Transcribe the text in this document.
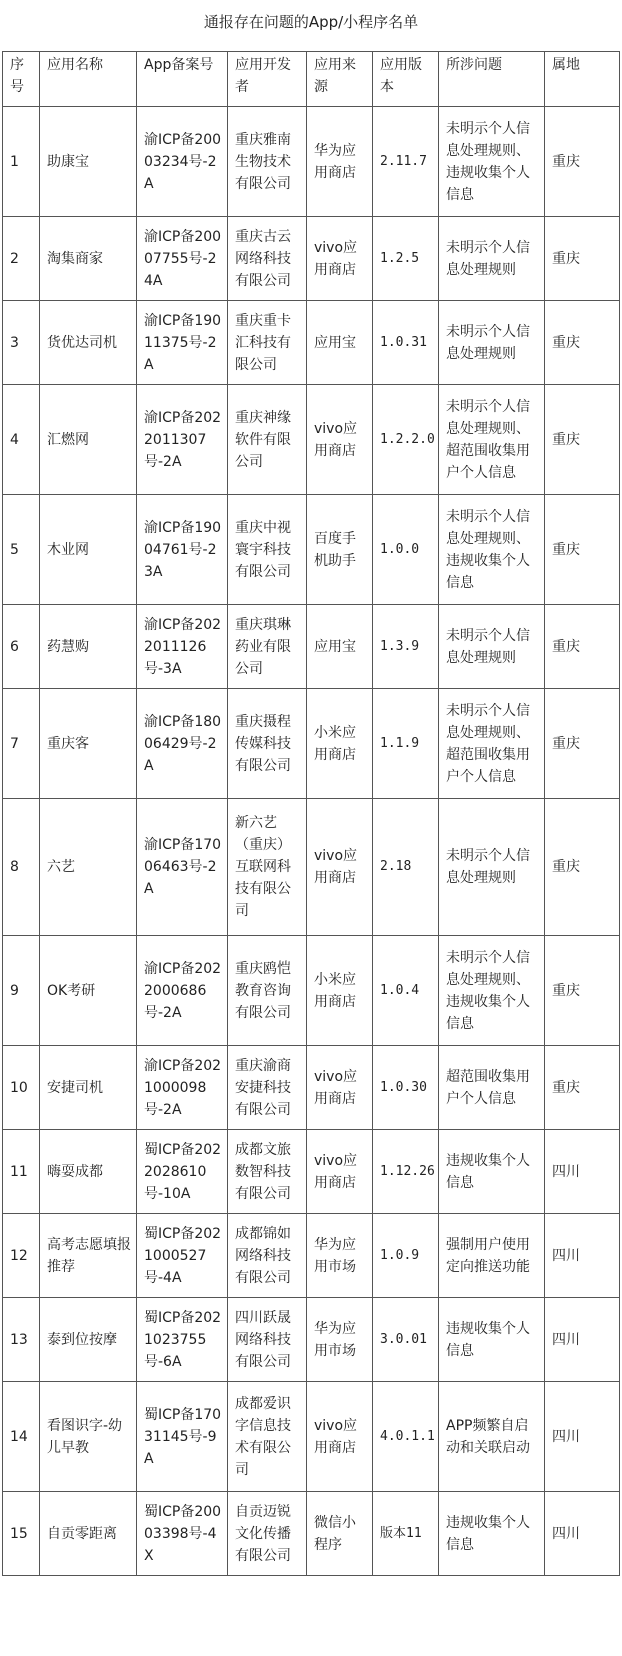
通报存在问题的App/小程序名单
序号	应用名称	App备案号	应用开发者	应用来源	应用版本	所涉问题	属地
1	助康宝	渝ICP备20003234号-2A	重庆雅南生物技术有限公司	华为应用商店	2.11.7	未明示个人信息处理规则、违规收集个人信息	重庆
2	淘集商家	渝ICP备20007755号-24A	重庆古云网络科技有限公司	vivo应用商店	1.2.5	未明示个人信息处理规则	重庆
3	货优达司机	渝ICP备19011375号-2A	重庆重卡汇科技有限公司	应用宝	1.0.31	未明示个人信息处理规则	重庆
4	汇燃网	渝ICP备2022011307号-2A	重庆神缘软件有限公司	vivo应用商店	1.2.2.0	未明示个人信息处理规则、超范围收集用户个人信息	重庆
5	木业网	渝ICP备19004761号-23A	重庆中视寰宇科技有限公司	百度手机助手	1.0.0	未明示个人信息处理规则、违规收集个人信息	重庆
6	药慧购	渝ICP备2022011126号-3A	重庆琪琳药业有限公司	应用宝	1.3.9	未明示个人信息处理规则	重庆
7	重庆客	渝ICP备18006429号-2A	重庆摄程传媒科技有限公司	小米应用商店	1.1.9	未明示个人信息处理规则、超范围收集用户个人信息	重庆
8	六艺	渝ICP备17006463号-2A	新六艺（重庆）互联网科技有限公司	vivo应用商店	2.18	未明示个人信息处理规则	重庆
9	OK考研	渝ICP备2022000686号-2A	重庆鸥恺教育咨询有限公司	小米应用商店	1.0.4	未明示个人信息处理规则、违规收集个人信息	重庆
10	安捷司机	渝ICP备2021000098号-2A	重庆渝商安捷科技有限公司	vivo应用商店	1.0.30	超范围收集用户个人信息	重庆
11	嗨耍成都	蜀ICP备2022028610号-10A	成都文旅数智科技有限公司	vivo应用商店	1.12.26	违规收集个人信息	四川
12	高考志愿填报推荐	蜀ICP备2021000527号-4A	成都锦如网络科技有限公司	华为应用市场	1.0.9	强制用户使用定向推送功能	四川
13	泰到位按摩	蜀ICP备2021023755号-6A	四川跃晟网络科技有限公司	华为应用市场	3.0.01	违规收集个人信息	四川
14	看图识字-幼儿早教	蜀ICP备17031145号-9A	成都爱识字信息技术有限公司	vivo应用商店	4.0.1.1	APP频繁自启动和关联启动	四川
15	自贡零距离	蜀ICP备20003398号-4X	自贡迈锐文化传播有限公司	微信小程序	版本11	违规收集个人信息	四川
